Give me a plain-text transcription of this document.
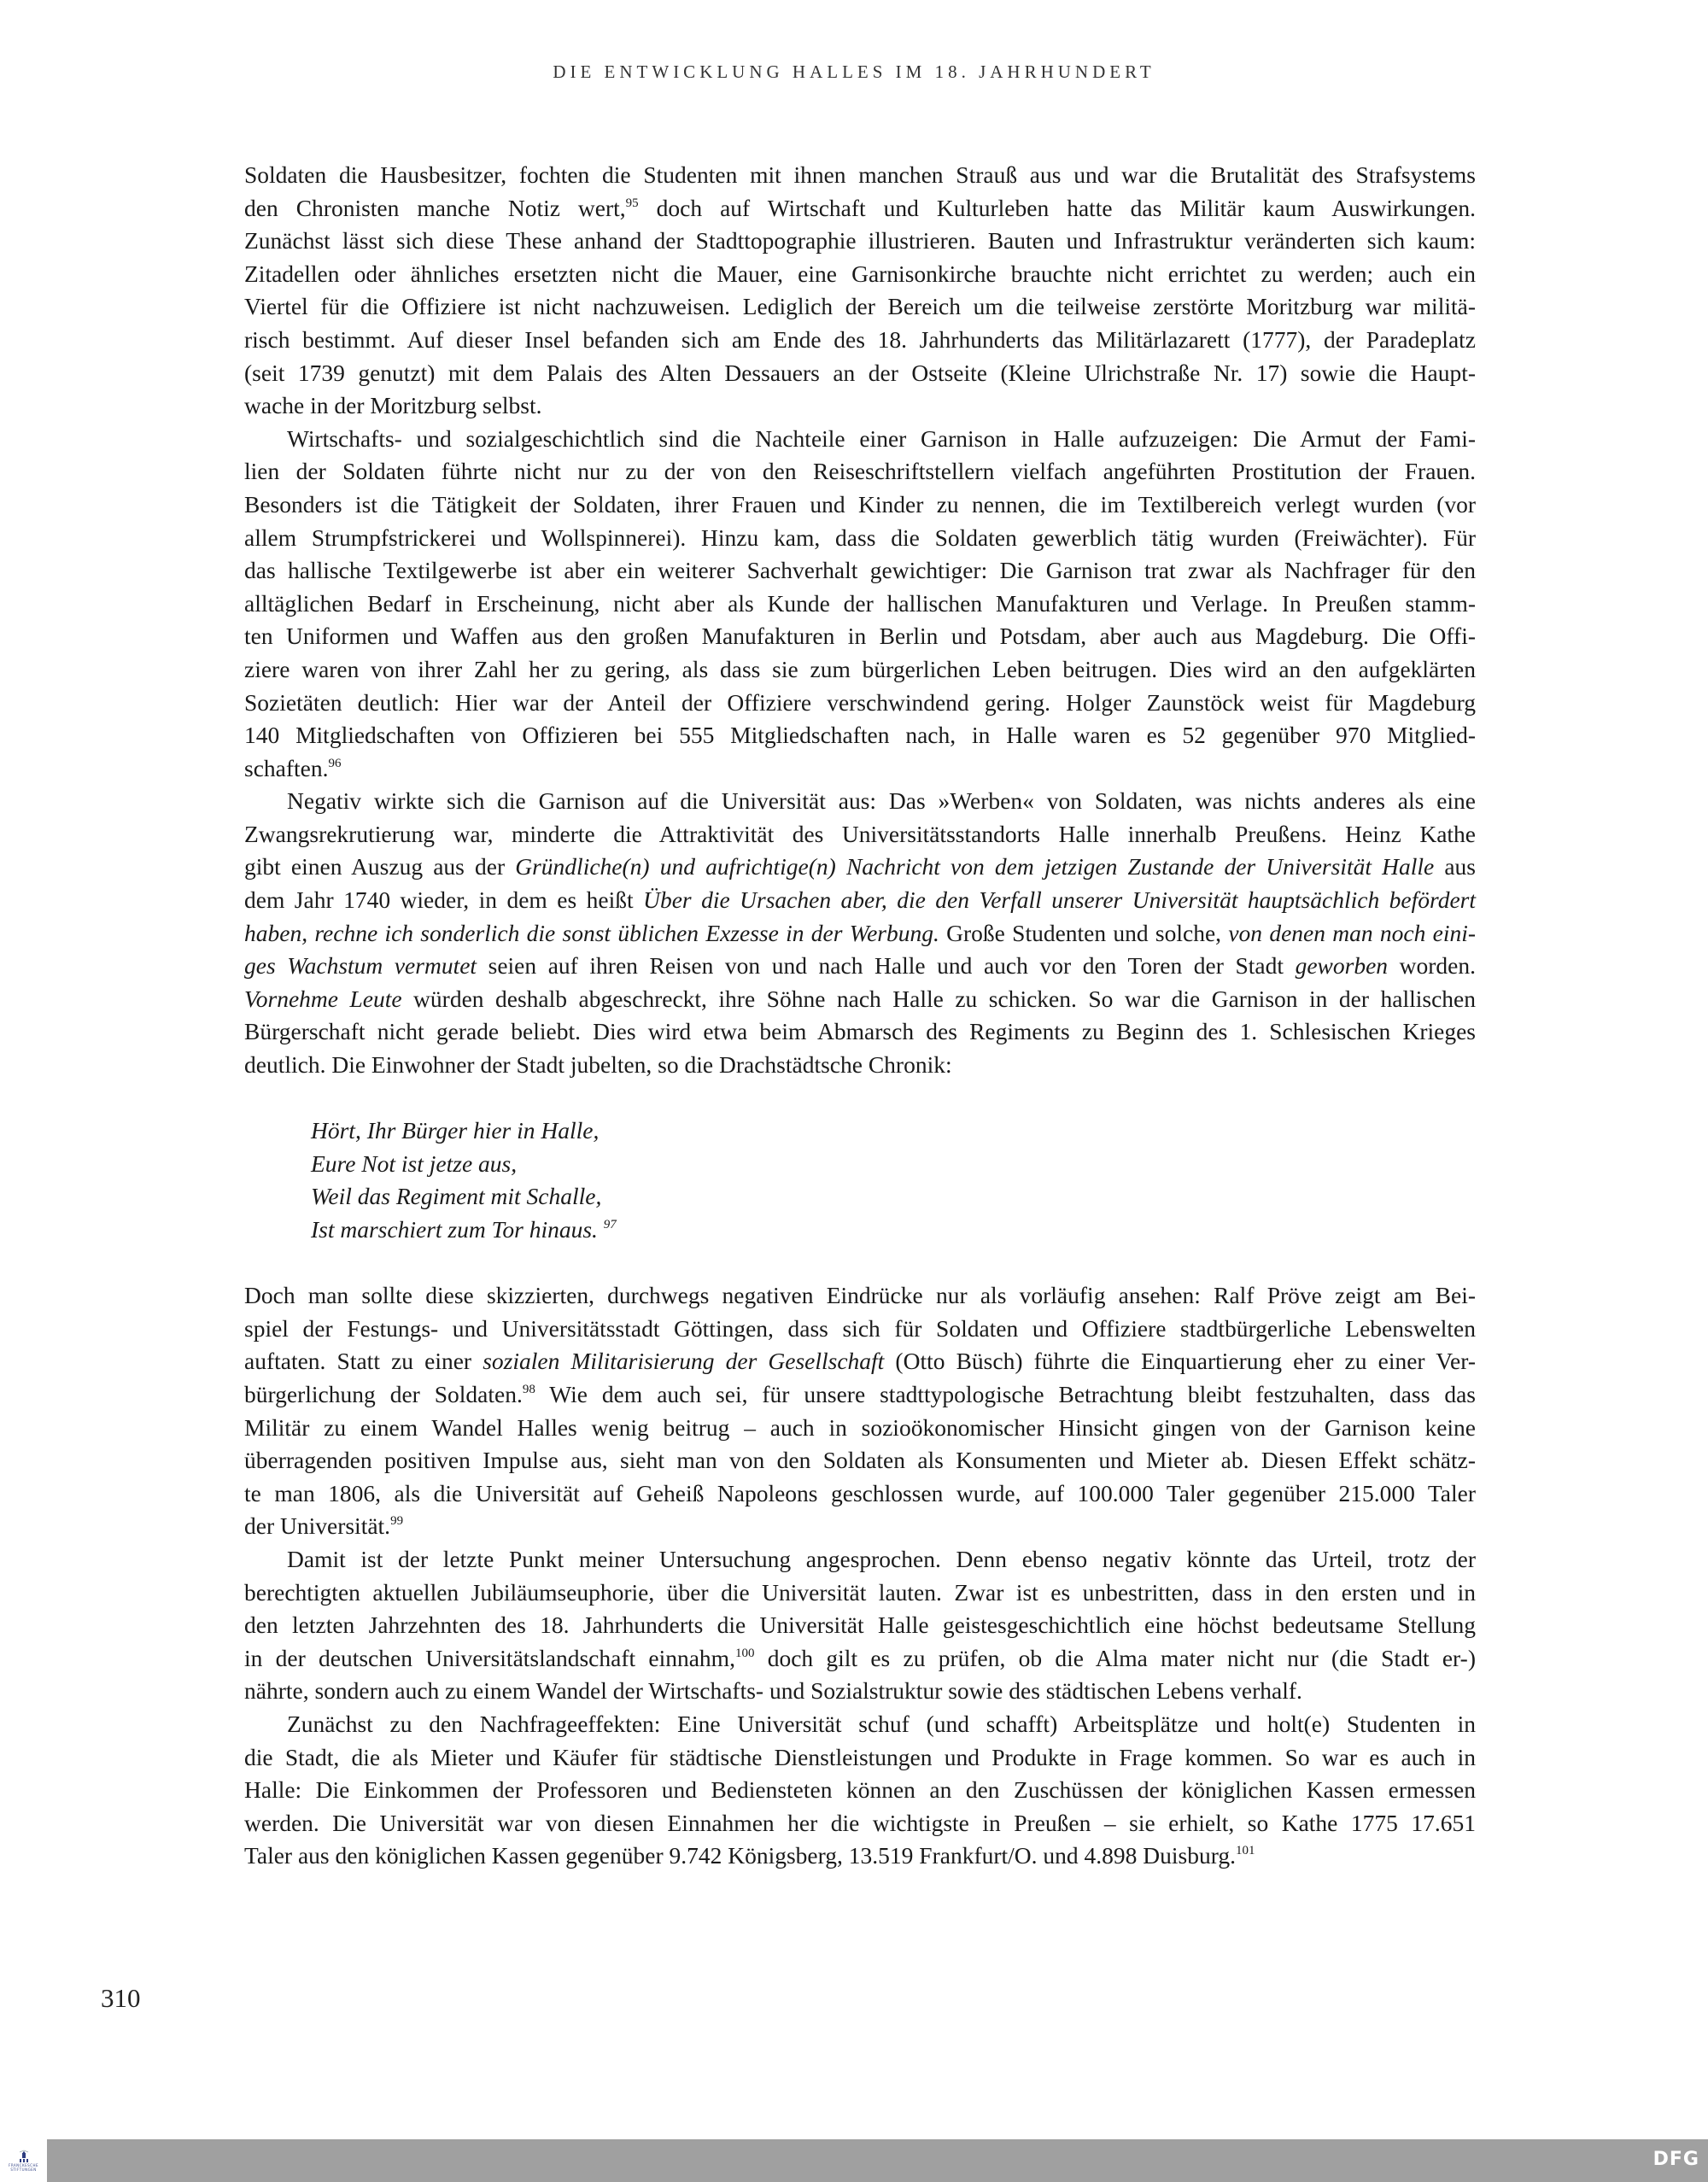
DIE ENTWICKLUNG HALLES IM 18. JAHRHUNDERT
Soldaten die Hausbesitzer, fochten die Studenten mit ihnen manchen Strauß aus und war die Brutalität des Strafsystems
den Chronisten manche Notiz wert,$^{95}$ doch auf Wirtschaft und Kulturleben hatte das Militär kaum Auswirkungen.
Zunächst lässt sich diese These anhand der Stadttopographie illustrieren. Bauten und Infrastruktur veränderten sich kaum:
Zitadellen oder ähnliches ersetzten nicht die Mauer, eine Garnisonkirche brauchte nicht errichtet zu werden; auch ein
Viertel für die Offiziere ist nicht nachzuweisen. Lediglich der Bereich um die teilweise zerstörte Moritzburg war militä-
risch bestimmt. Auf dieser Insel befanden sich am Ende des 18. Jahrhunderts das Militärlazarett (1777), der Paradeplatz
(seit 1739 genutzt) mit dem Palais des Alten Dessauers an der Ostseite (Kleine Ulrichstraße Nr. 17) sowie die Haupt-
wache in der Moritzburg selbst.
Wirtschafts- und sozialgeschichtlich sind die Nachteile einer Garnison in Halle aufzuzeigen: Die Armut der Fami-
lien der Soldaten führte nicht nur zu der von den Reiseschriftstellern vielfach angeführten Prostitution der Frauen.
Besonders ist die Tätigkeit der Soldaten, ihrer Frauen und Kinder zu nennen, die im Textilbereich verlegt wurden (vor
allem Strumpfstrickerei und Wollspinnerei). Hinzu kam, dass die Soldaten gewerblich tätig wurden (Freiwächter). Für
das hallische Textilgewerbe ist aber ein weiterer Sachverhalt gewichtiger: Die Garnison trat zwar als Nachfrager für den
alltäglichen Bedarf in Erscheinung, nicht aber als Kunde der hallischen Manufakturen und Verlage. In Preußen stamm-
ten Uniformen und Waffen aus den großen Manufakturen in Berlin und Potsdam, aber auch aus Magdeburg. Die Offi-
ziere waren von ihrer Zahl her zu gering, als dass sie zum bürgerlichen Leben beitrugen. Dies wird an den aufgeklärten
Sozietäten deutlich: Hier war der Anteil der Offiziere verschwindend gering. Holger Zaunstöck weist für Magdeburg
140 Mitgliedschaften von Offizieren bei 555 Mitgliedschaften nach, in Halle waren es 52 gegenüber 970 Mitglied-
schaften.$^{96}$
Negativ wirkte sich die Garnison auf die Universität aus: Das »Werben« von Soldaten, was nichts anderes als eine
Zwangsrekrutierung war, minderte die Attraktivität des Universitätsstandorts Halle innerhalb Preußens. Heinz Kathe
gibt einen Auszug aus der Gründliche(n) und aufrichtige(n) Nachricht von dem jetzigen Zustande der Universität Halle aus
dem Jahr 1740 wieder, in dem es heißt Über die Ursachen aber, die den Verfall unserer Universität hauptsächlich befördert
haben, rechne ich sonderlich die sonst üblichen Exzesse in der Werbung. Große Studenten und solche, von denen man noch eini-
ges Wachstum vermutet seien auf ihren Reisen von und nach Halle und auch vor den Toren der Stadt geworben worden.
Vornehme Leute würden deshalb abgeschreckt, ihre Söhne nach Halle zu schicken. So war die Garnison in der hallischen
Bürgerschaft nicht gerade beliebt. Dies wird etwa beim Abmarsch des Regiments zu Beginn des 1. Schlesischen Krieges
deutlich. Die Einwohner der Stadt jubelten, so die Drachstädtsche Chronik:
Hört, Ihr Bürger hier in Halle,
Eure Not ist jetze aus,
Weil das Regiment mit Schalle,
Ist marschiert zum Tor hinaus. $^{97}$
Doch man sollte diese skizzierten, durchwegs negativen Eindrücke nur als vorläufig ansehen: Ralf Pröve zeigt am Bei-
spiel der Festungs- und Universitätsstadt Göttingen, dass sich für Soldaten und Offiziere stadtbürgerliche Lebenswelten
auftaten. Statt zu einer sozialen Militarisierung der Gesellschaft (Otto Büsch) führte die Einquartierung eher zu einer Ver-
bürgerlichung der Soldaten.$^{98}$ Wie dem auch sei, für unsere stadttypologische Betrachtung bleibt festzuhalten, dass das
Militär zu einem Wandel Halles wenig beitrug – auch in sozioökonomischer Hinsicht gingen von der Garnison keine
überragenden positiven Impulse aus, sieht man von den Soldaten als Konsumenten und Mieter ab. Diesen Effekt schätz-
te man 1806, als die Universität auf Geheiß Napoleons geschlossen wurde, auf 100.000 Taler gegenüber 215.000 Taler
der Universität.$^{99}$
Damit ist der letzte Punkt meiner Untersuchung angesprochen. Denn ebenso negativ könnte das Urteil, trotz der
berechtigten aktuellen Jubiläumseuphorie, über die Universität lauten. Zwar ist es unbestritten, dass in den ersten und in
den letzten Jahrzehnten des 18. Jahrhunderts die Universität Halle geistesgeschichtlich eine höchst bedeutsame Stellung
in der deutschen Universitätslandschaft einnahm,$^{100}$ doch gilt es zu prüfen, ob die Alma mater nicht nur (die Stadt er-)
nährte, sondern auch zu einem Wandel der Wirtschafts- und Sozialstruktur sowie des städtischen Lebens verhalf.
Zunächst zu den Nachfrageeffekten: Eine Universität schuf (und schafft) Arbeitsplätze und holt(e) Studenten in
die Stadt, die als Mieter und Käufer für städtische Dienstleistungen und Produkte in Frage kommen. So war es auch in
Halle: Die Einkommen der Professoren und Bediensteten können an den Zuschüssen der königlichen Kassen ermessen
werden. Die Universität war von diesen Einnahmen her die wichtigste in Preußen – sie erhielt, so Kathe 1775 17.651
Taler aus den königlichen Kassen gegenüber 9.742 Königsberg, 13.519 Frankfurt/O. und 4.898 Duisburg.$^{101}$
310
FRANCKESCHE
STIFTUNGEN	DFG
